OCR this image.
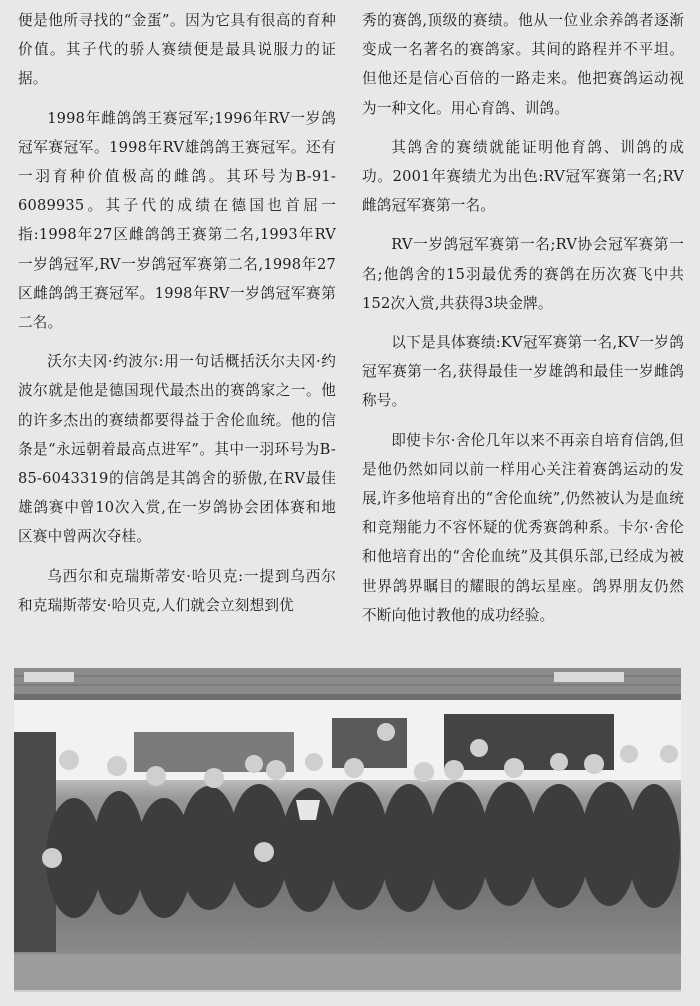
便是他所寻找的“金蛋”。因为它具有很高的育种价值。其子代的骄人赛绩便是最具说服力的证据。

1998年雌鸽鸽王赛冠军;1996年RV一岁鸽冠军赛冠军。1998年RV雄鸽鸽王赛冠军。还有一羽育种价值极高的雌鸽。其环号为B-91-6089935。其子代的成绩在德国也首屈一指:1998年27区雌鸽鸽王赛第二名,1993年RV一岁鸽冠军,RV一岁鸽冠军赛第二名,1998年27区雌鸽鸽王赛冠军。1998年RV一岁鸽冠军赛第二名。

沃尔夫冈·约波尔:用一句话概括沃尔夫冈·约波尔就是他是德国现代最杰出的赛鸽家之一。他的许多杰出的赛绩都要得益于舍伦血统。他的信条是“永远朝着最高点进军”。其中一羽环号为B-85-6043319的信鸽是其鸽舍的骄傲,在RV最佳雄鸽赛中曾10次入赏,在一岁鸽协会团体赛和地区赛中曾两次夺桂。

乌西尔和克瑞斯蒂安·哈贝克:一提到乌西尔和克瑞斯蒂安·哈贝克,人们就会立刻想到优

秀的赛鸽,顶级的赛绩。他从一位业余养鸽者逐渐变成一名著名的赛鸽家。其间的路程并不平坦。但他还是信心百倍的一路走来。他把赛鸽运动视为一种文化。用心育鸽、训鸽。

其鸽舍的赛绩就能证明他育鸽、训鸽的成功。2001年赛绩尤为出色:RV冠军赛第一名;RV雌鸽冠军赛第一名。

RV一岁鸽冠军赛第一名;RV协会冠军赛第一名;他鸽舍的15羽最优秀的赛鸽在历次赛飞中共152次入赏,共获得3块金牌。

以下是具体赛绩:KV冠军赛第一名,KV一岁鸽冠军赛第一名,获得最佳一岁雄鸽和最佳一岁雌鸽称号。

即使卡尔·舍伦几年以来不再亲自培育信鸽,但是他仍然如同以前一样用心关注着赛鸽运动的发展,许多他培育出的“舍伦血统”,仍然被认为是血统和竞翔能力不容怀疑的优秀赛鸽种系。卡尔·舍伦和他培育出的“舍伦血统”及其俱乐部,已经成为被世界鸽界瞩目的耀眼的鸽坛星座。鸽界朋友仍然不断向他讨教他的成功经验。
